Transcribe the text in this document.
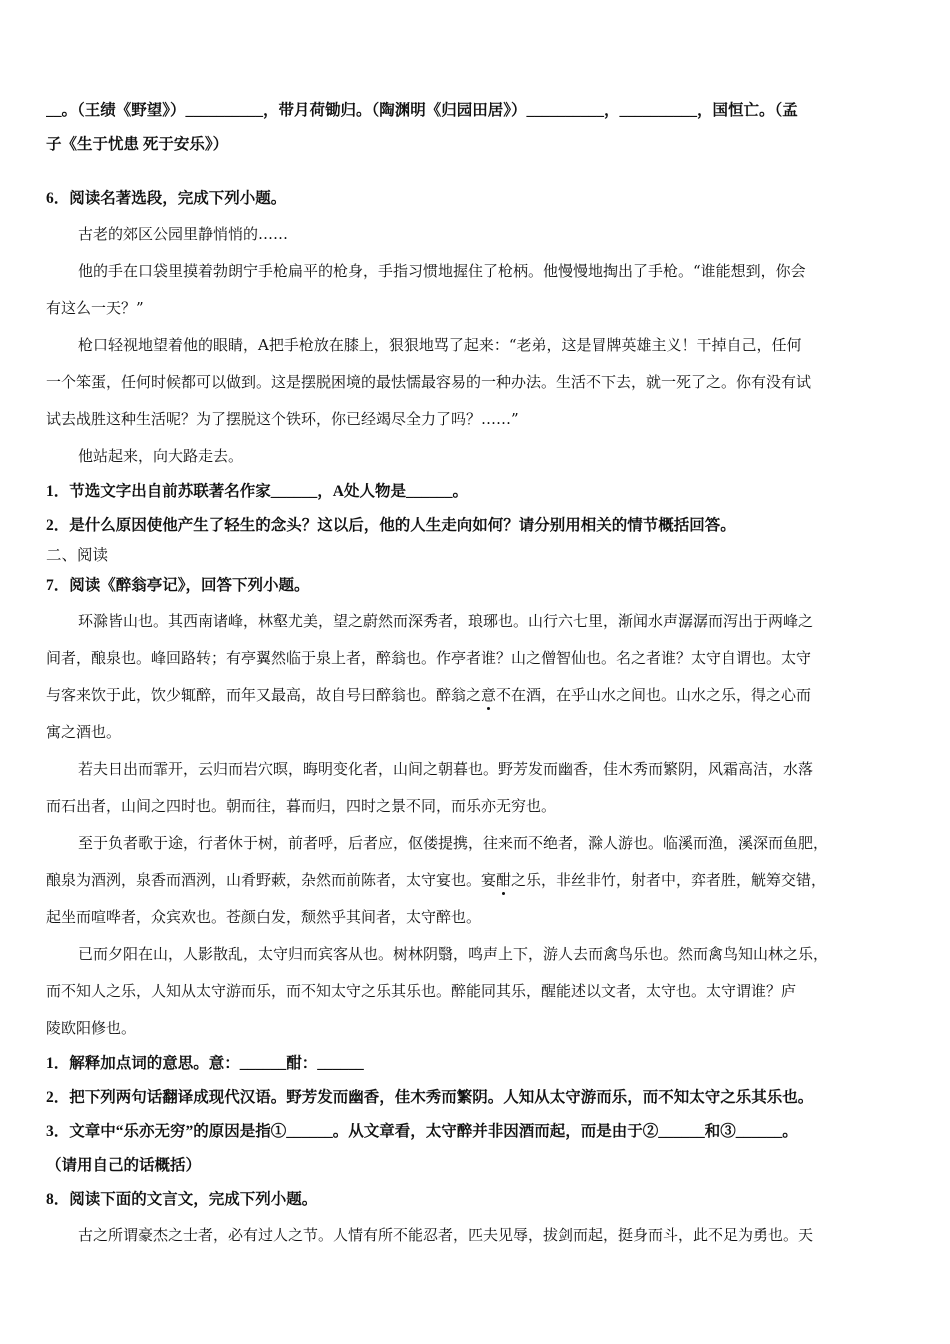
__。（王绩《野望》）__________，带月荷锄归。（陶渊明《归园田居》）__________，__________，国恒亡。（孟
子《生于忧患 死于安乐》）
6．阅读名著选段，完成下列小题。
古老的郊区公园里静悄悄的……
他的手在口袋里摸着勃朗宁手枪扁平的枪身，手指习惯地握住了枪柄。他慢慢地掏出了手枪。“谁能想到，你会
有这么一天？”
枪口轻视地望着他的眼睛，A把手枪放在膝上，狠狠地骂了起来：“老弟，这是冒牌英雄主义！干掉自己，任何
一个笨蛋，任何时候都可以做到。这是摆脱困境的最怯懦最容易的一种办法。生活不下去，就一死了之。你有没有试
试去战胜这种生活呢？为了摆脱这个铁环，你已经竭尽全力了吗？……”
他站起来，向大路走去。
1．节选文字出自前苏联著名作家______，A处人物是______。
2．是什么原因使他产生了轻生的念头？这以后，他的人生走向如何？请分别用相关的情节概括回答。
二、阅读
7．阅读《醉翁亭记》，回答下列小题。
环滁皆山也。其西南诸峰，林壑尤美，望之蔚然而深秀者，琅琊也。山行六七里，渐闻水声潺潺而泻出于两峰之
间者，酿泉也。峰回路转；有亭翼然临于泉上者，醉翁也。作亭者谁？山之僧智仙也。名之者谁？太守自谓也。太守
与客来饮于此，饮少辄醉，而年又最高，故自号曰醉翁也。醉翁之意不在酒，在乎山水之间也。山水之乐，得之心而
寓之酒也。
若夫日出而霏开，云归而岩穴暝，晦明变化者，山间之朝暮也。野芳发而幽香，佳木秀而繁阴，风霜高洁，水落
而石出者，山间之四时也。朝而往，暮而归，四时之景不同，而乐亦无穷也。
至于负者歌于途，行者休于树，前者呼，后者应，伛偻提携，往来而不绝者，滁人游也。临溪而渔，溪深而鱼肥，
酿泉为酒洌，泉香而酒洌，山肴野蔌，杂然而前陈者，太守宴也。宴酣之乐，非丝非竹，射者中，弈者胜，觥筹交错，
起坐而喧哗者，众宾欢也。苍颜白发，颓然乎其间者，太守醉也。
已而夕阳在山，人影散乱，太守归而宾客从也。树林阴翳，鸣声上下，游人去而禽鸟乐也。然而禽鸟知山林之乐，
而不知人之乐，人知从太守游而乐，而不知太守之乐其乐也。醉能同其乐，醒能述以文者，太守也。太守谓谁？庐
陵欧阳修也。
1．解释加点词的意思。意：______酣：______
2．把下列两句话翻译成现代汉语。野芳发而幽香，佳木秀而繁阴。人知从太守游而乐，而不知太守之乐其乐也。
3．文章中“乐亦无穷”的原因是指①______。从文章看，太守醉并非因酒而起，而是由于②______和③______。
（请用自己的话概括）
8．阅读下面的文言文，完成下列小题。
古之所谓豪杰之士者，必有过人之节。人情有所不能忍者，匹夫见辱，拔剑而起，挺身而斗，此不足为勇也。天
